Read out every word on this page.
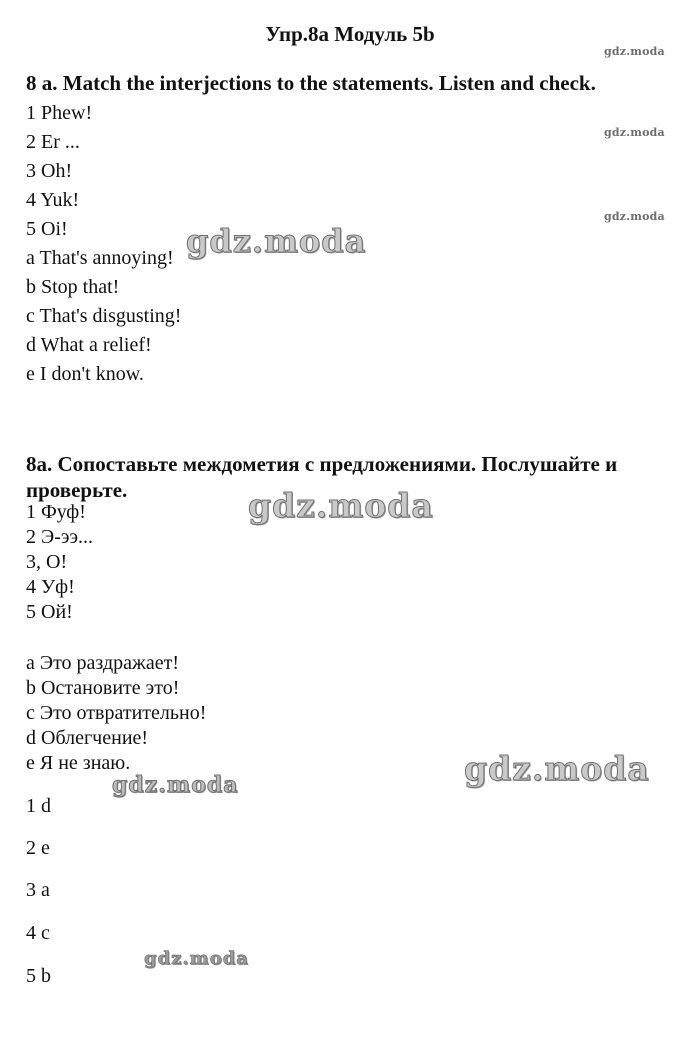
Упр.8а Модуль 5b
8 a. Match the interjections to the statements. Listen and check.
1 Phew!
2 Er ...
3 Oh!
4 Yuk!
5 Oi!
a That's annoying!
b Stop that!
c That's disgusting!
d What a relief!
e I don't know.
8а. Сопоставьте междометия с предложениями. Послушайте и проверьте.
1 Фуф!
2 Э-ээ...
3, О!
4 Уф!
5 Ой!
a Это раздражает!
b Остановите это!
c Это отвратительно!
d Облегчение!
e Я не знаю.
1 d
2 e
3 a
4 c
5 b
gdz.moda
gdz.moda
gdz.moda
gdz.moda
gdz.moda
gdz.moda
gdz.moda
gdz.moda
